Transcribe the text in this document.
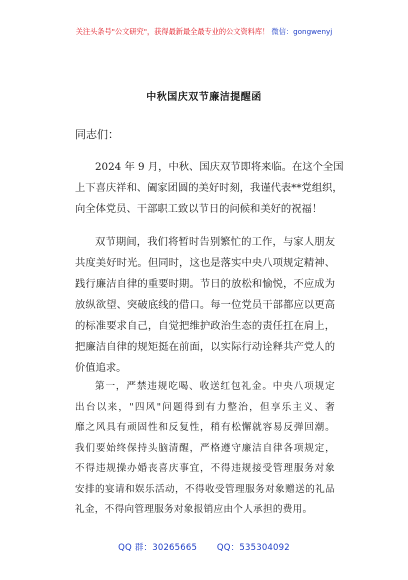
关注头条号"公文研究"，获得最新最全最专业的公文资料库！ 微信：gongwenyj
中秋国庆双节廉洁提醒函
同志们：
2024 年 9 月，中秋、国庆双节即将来临。在这个全国
上下喜庆祥和、阖家团圆的美好时刻，我谨代表**党组织，
向全体党员、干部职工致以节日的问候和美好的祝福！
双节期间，我们将暂时告别繁忙的工作，与家人朋友
共度美好时光。但同时，这也是落实中央八项规定精神、
践行廉洁自律的重要时期。节日的放松和愉悦，不应成为
放纵欲望、突破底线的借口。每一位党员干部都应以更高
的标准要求自己，自觉把维护政治生态的责任扛在肩上，
把廉洁自律的规矩挺在前面，以实际行动诠释共产党人的
价值追求。
第一，严禁违规吃喝、收送红包礼金。中央八项规定
出台以来，"四风"问题得到有力整治，但享乐主义、奢
靡之风具有顽固性和反复性，稍有松懈就容易反弹回潮。
我们要始终保持头脑清醒，严格遵守廉洁自律各项规定，
不得违规操办婚丧喜庆事宜，不得违规接受管理服务对象
安排的宴请和娱乐活动，不得收受管理服务对象赠送的礼品
礼金，不得向管理服务对象报销应由个人承担的费用。
QQ 群：30265665 QQ：535304092
